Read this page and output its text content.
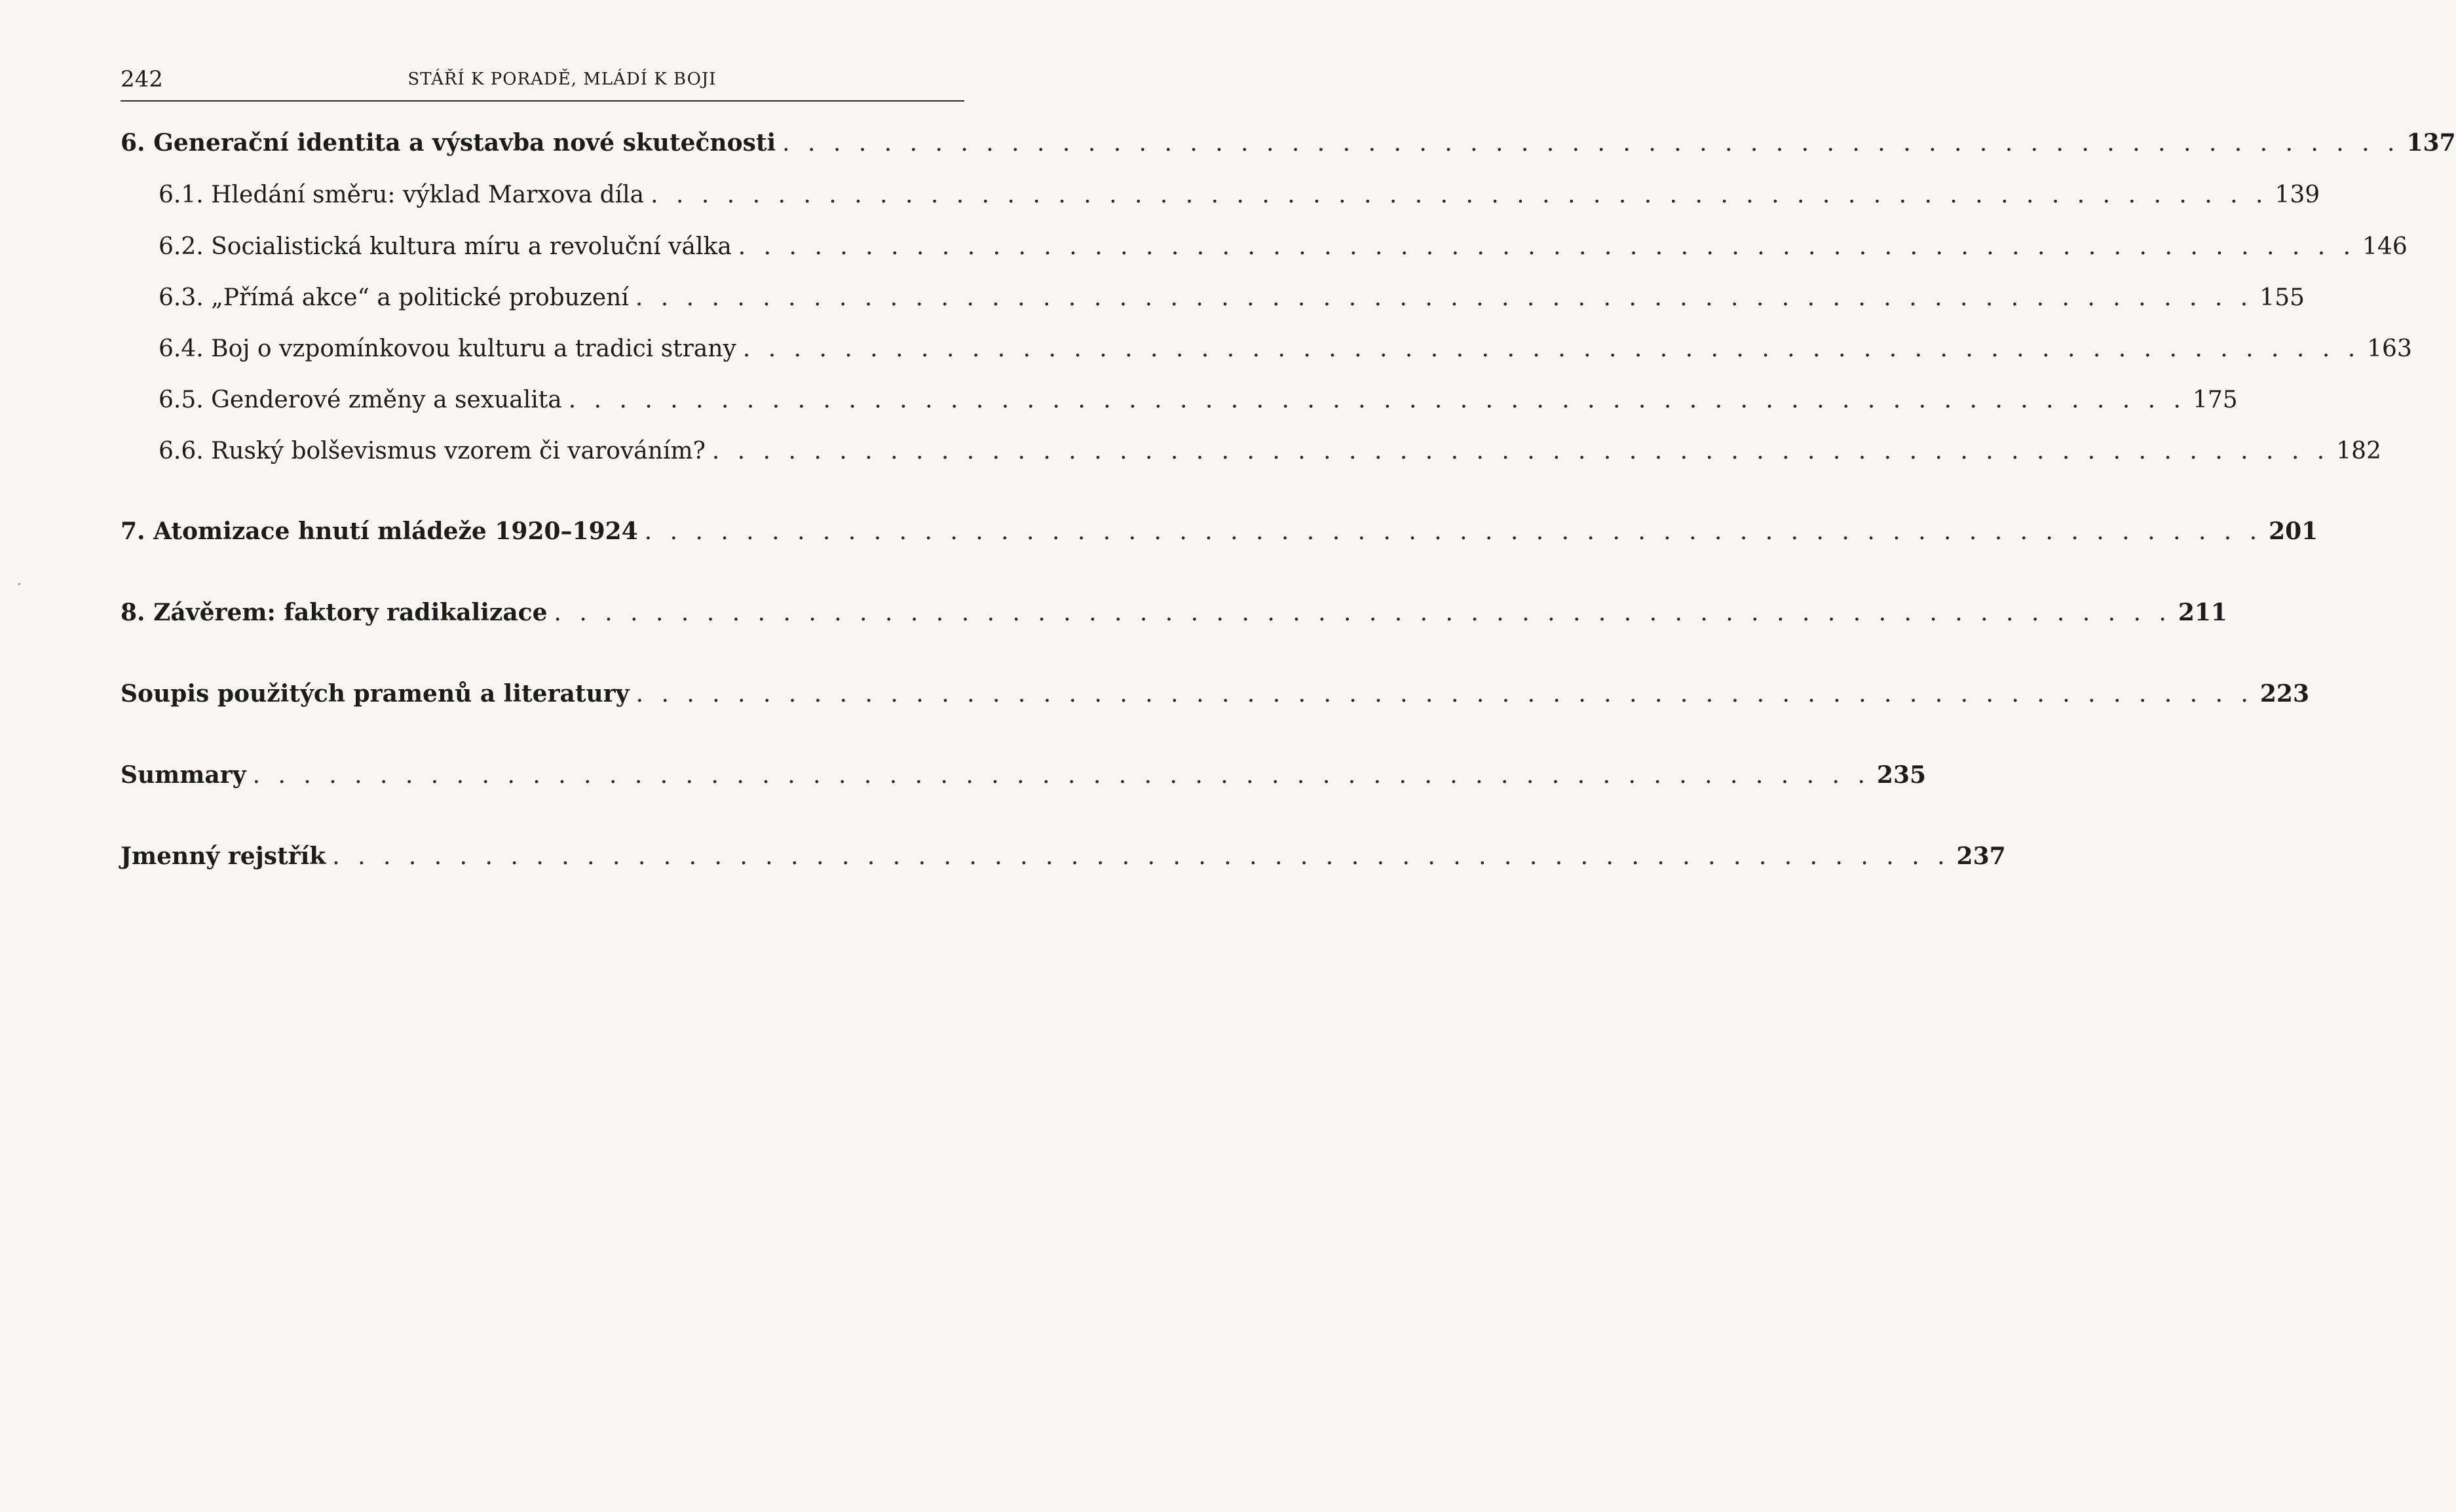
242	STÁŘÍ K PORADĚ, MLÁDÍ K BOJI
6. Generační identita a výstavba nové skutečnosti . . . . . . . . . . . . . . . . . . . . . . . . . . . . . . . . . . . . . . . . . . . . . . . . . . . . . . . . . . . . . . . . 137
6.1. Hledání směru: výklad Marxova díla . . . . . . . . . . . . . . . . . . . . . . . . . . . . . . . . . . . . . . . . . . . . . . . . . . . . . . . . . . . . . . . . 139
6.2. Socialistická kultura míru a revoluční válka . . . . . . . . . . . . . . . . . . . . . . . . . . . . . . . . . . . . . . . . . . . . . . . . . . . . . . . . . . . . . . . . 146
6.3. „Přímá akce“ a politické probuzení . . . . . . . . . . . . . . . . . . . . . . . . . . . . . . . . . . . . . . . . . . . . . . . . . . . . . . . . . . . . . . . . 155
6.4. Boj o vzpomínkovou kulturu a tradici strany . . . . . . . . . . . . . . . . . . . . . . . . . . . . . . . . . . . . . . . . . . . . . . . . . . . . . . . . . . . . . . . . 163
6.5. Genderové změny a sexualita . . . . . . . . . . . . . . . . . . . . . . . . . . . . . . . . . . . . . . . . . . . . . . . . . . . . . . . . . . . . . . . . 175
6.6. Ruský bolševismus vzorem či varováním? . . . . . . . . . . . . . . . . . . . . . . . . . . . . . . . . . . . . . . . . . . . . . . . . . . . . . . . . . . . . . . . . 182
7. Atomizace hnutí mládeže 1920–1924 . . . . . . . . . . . . . . . . . . . . . . . . . . . . . . . . . . . . . . . . . . . . . . . . . . . . . . . . . . . . . . . . 201
8. Závěrem: faktory radikalizace . . . . . . . . . . . . . . . . . . . . . . . . . . . . . . . . . . . . . . . . . . . . . . . . . . . . . . . . . . . . . . . . 211
Soupis použitých pramenů a literatury . . . . . . . . . . . . . . . . . . . . . . . . . . . . . . . . . . . . . . . . . . . . . . . . . . . . . . . . . . . . . . . . 223
Summary . . . . . . . . . . . . . . . . . . . . . . . . . . . . . . . . . . . . . . . . . . . . . . . . . . . . . . . . . . . . . . . . 235
Jmenný rejstřík . . . . . . . . . . . . . . . . . . . . . . . . . . . . . . . . . . . . . . . . . . . . . . . . . . . . . . . . . . . . . . . . 237
